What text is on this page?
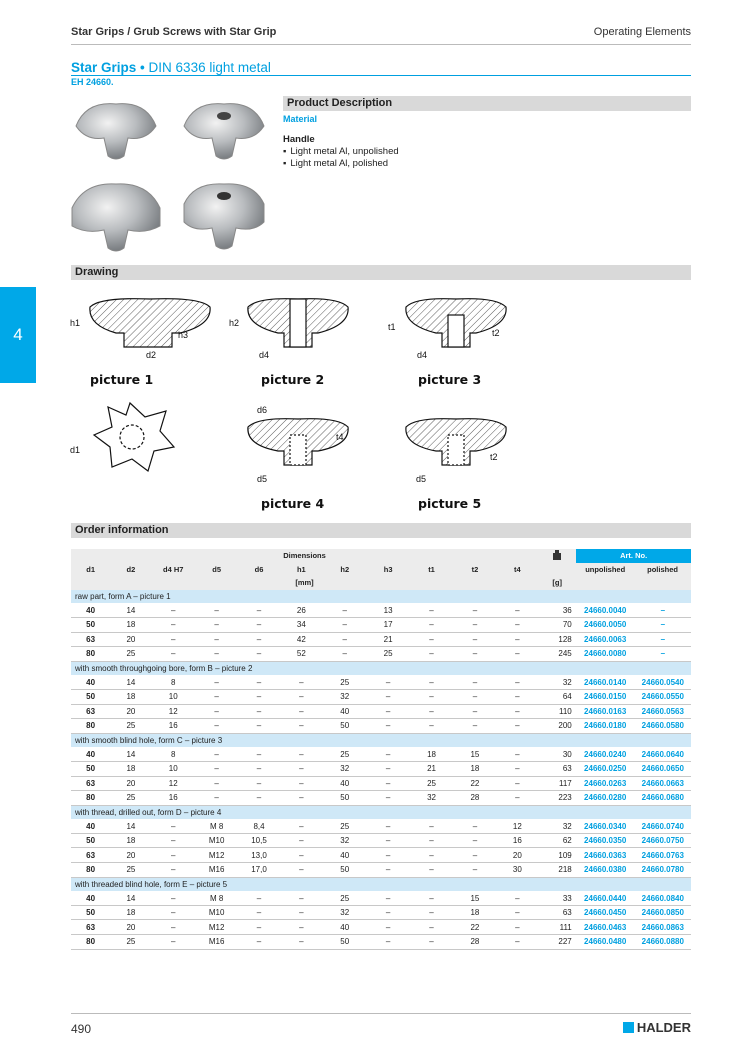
Star Grips / Grub Screws with Star Grip	Operating Elements
4
Star Grips • DIN 6336 light metal
EH 24660.
Product Description
Material
Handle
▪ Light metal Al, unpolished
▪ Light metal Al, polished
Drawing
picture 1	picture 2	picture 3
picture 4	picture 5
h1
h3
d2
h2
d4
t1
t2
d4
d1
d6
t4
d5
t2
d5
Order information
Dimensions												Art. No.	
d1	d2	d4 H7	d5	d6	h1	h2	h3	t1	t2	t4		unpolished	polished
[mm]											[g]		
raw part, form A – picture 1													
40	14	–	–	–	26	–	13	–	–	–	36	24660.0040	–
50	18	–	–	–	34	–	17	–	–	–	70	24660.0050	–
63	20	–	–	–	42	–	21	–	–	–	128	24660.0063	–
80	25	–	–	–	52	–	25	–	–	–	245	24660.0080	–
with smooth throughgoing bore, form B – picture 2													
40	14	8	–	–	–	25	–	–	–	–	32	24660.0140	24660.0540
50	18	10	–	–	–	32	–	–	–	–	64	24660.0150	24660.0550
63	20	12	–	–	–	40	–	–	–	–	110	24660.0163	24660.0563
80	25	16	–	–	–	50	–	–	–	–	200	24660.0180	24660.0580
with smooth blind hole, form C – picture 3													
40	14	8	–	–	–	25	–	18	15	–	30	24660.0240	24660.0640
50	18	10	–	–	–	32	–	21	18	–	63	24660.0250	24660.0650
63	20	12	–	–	–	40	–	25	22	–	117	24660.0263	24660.0663
80	25	16	–	–	–	50	–	32	28	–	223	24660.0280	24660.0680
with thread, drilled out, form D – picture 4													
40	14	–	M 8	8,4	–	25	–	–	–	12	32	24660.0340	24660.0740
50	18	–	M10	10,5	–	32	–	–	–	16	62	24660.0350	24660.0750
63	20	–	M12	13,0	–	40	–	–	–	20	109	24660.0363	24660.0763
80	25	–	M16	17,0	–	50	–	–	–	30	218	24660.0380	24660.0780
with threaded blind hole, form E – picture 5													
40	14	–	M 8	–	–	25	–	–	15	–	33	24660.0440	24660.0840
50	18	–	M10	–	–	32	–	–	18	–	63	24660.0450	24660.0850
63	20	–	M12	–	–	40	–	–	22	–	111	24660.0463	24660.0863
80	25	–	M16	–	–	50	–	–	28	–	227	24660.0480	24660.0880
490	HALDER
